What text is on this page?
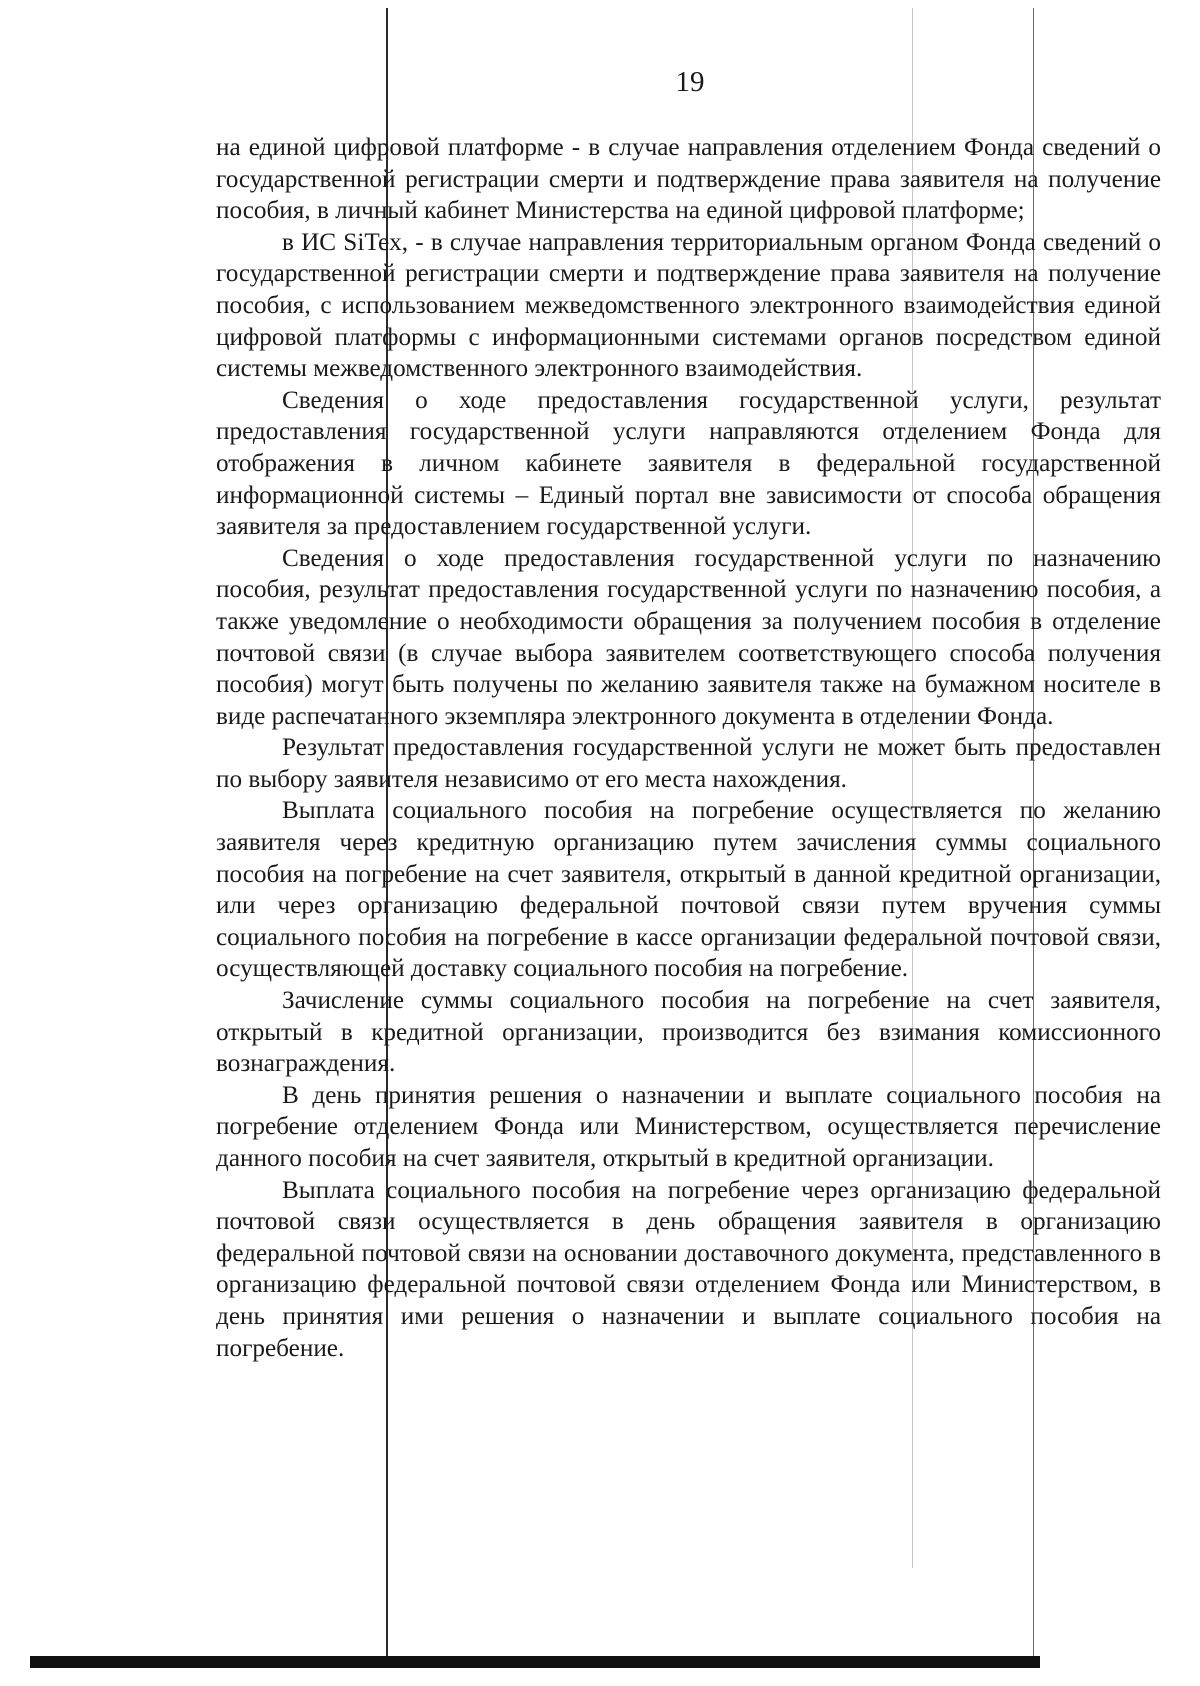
19

на единой цифровой платформе - в случае направления отделением Фонда сведений о государственной регистрации смерти и подтверждение права заявителя на получение пособия, в личный кабинет Министерства на единой цифровой платформе;

в ИС SiTex, - в случае направления территориальным органом Фонда сведений о государственной регистрации смерти и подтверждение права заявителя на получение пособия, с использованием межведомственного электронного взаимодействия единой цифровой платформы с информационными системами органов посредством единой системы межведомственного электронного взаимодействия.

Сведения о ходе предоставления государственной услуги, результат предоставления государственной услуги направляются отделением Фонда для отображения в личном кабинете заявителя в федеральной государственной информационной системы – Единый портал вне зависимости от способа обращения заявителя за предоставлением государственной услуги.

Сведения о ходе предоставления государственной услуги по назначению пособия, результат предоставления государственной услуги по назначению пособия, а также уведомление о необходимости обращения за получением пособия в отделение почтовой связи (в случае выбора заявителем соответствующего способа получения пособия) могут быть получены по желанию заявителя также на бумажном носителе в виде распечатанного экземпляра электронного документа в отделении Фонда.

Результат предоставления государственной услуги не может быть предоставлен по выбору заявителя независимо от его места нахождения.

Выплата социального пособия на погребение осуществляется по желанию заявителя через кредитную организацию путем зачисления суммы социального пособия на погребение на счет заявителя, открытый в данной кредитной организации, или через организацию федеральной почтовой связи путем вручения суммы социального пособия на погребение в кассе организации федеральной почтовой связи, осуществляющей доставку социального пособия на погребение.

Зачисление суммы социального пособия на погребение на счет заявителя, открытый в кредитной организации, производится без взимания комиссионного вознаграждения.

В день принятия решения о назначении и выплате социального пособия на погребение отделением Фонда или Министерством, осуществляется перечисление данного пособия на счет заявителя, открытый в кредитной организации.

Выплата социального пособия на погребение через организацию федеральной почтовой связи осуществляется в день обращения заявителя в организацию федеральной почтовой связи на основании доставочного документа, представленного в организацию федеральной почтовой связи отделением Фонда или Министерством, в день принятия ими решения о назначении и выплате социального пособия на погребение.
